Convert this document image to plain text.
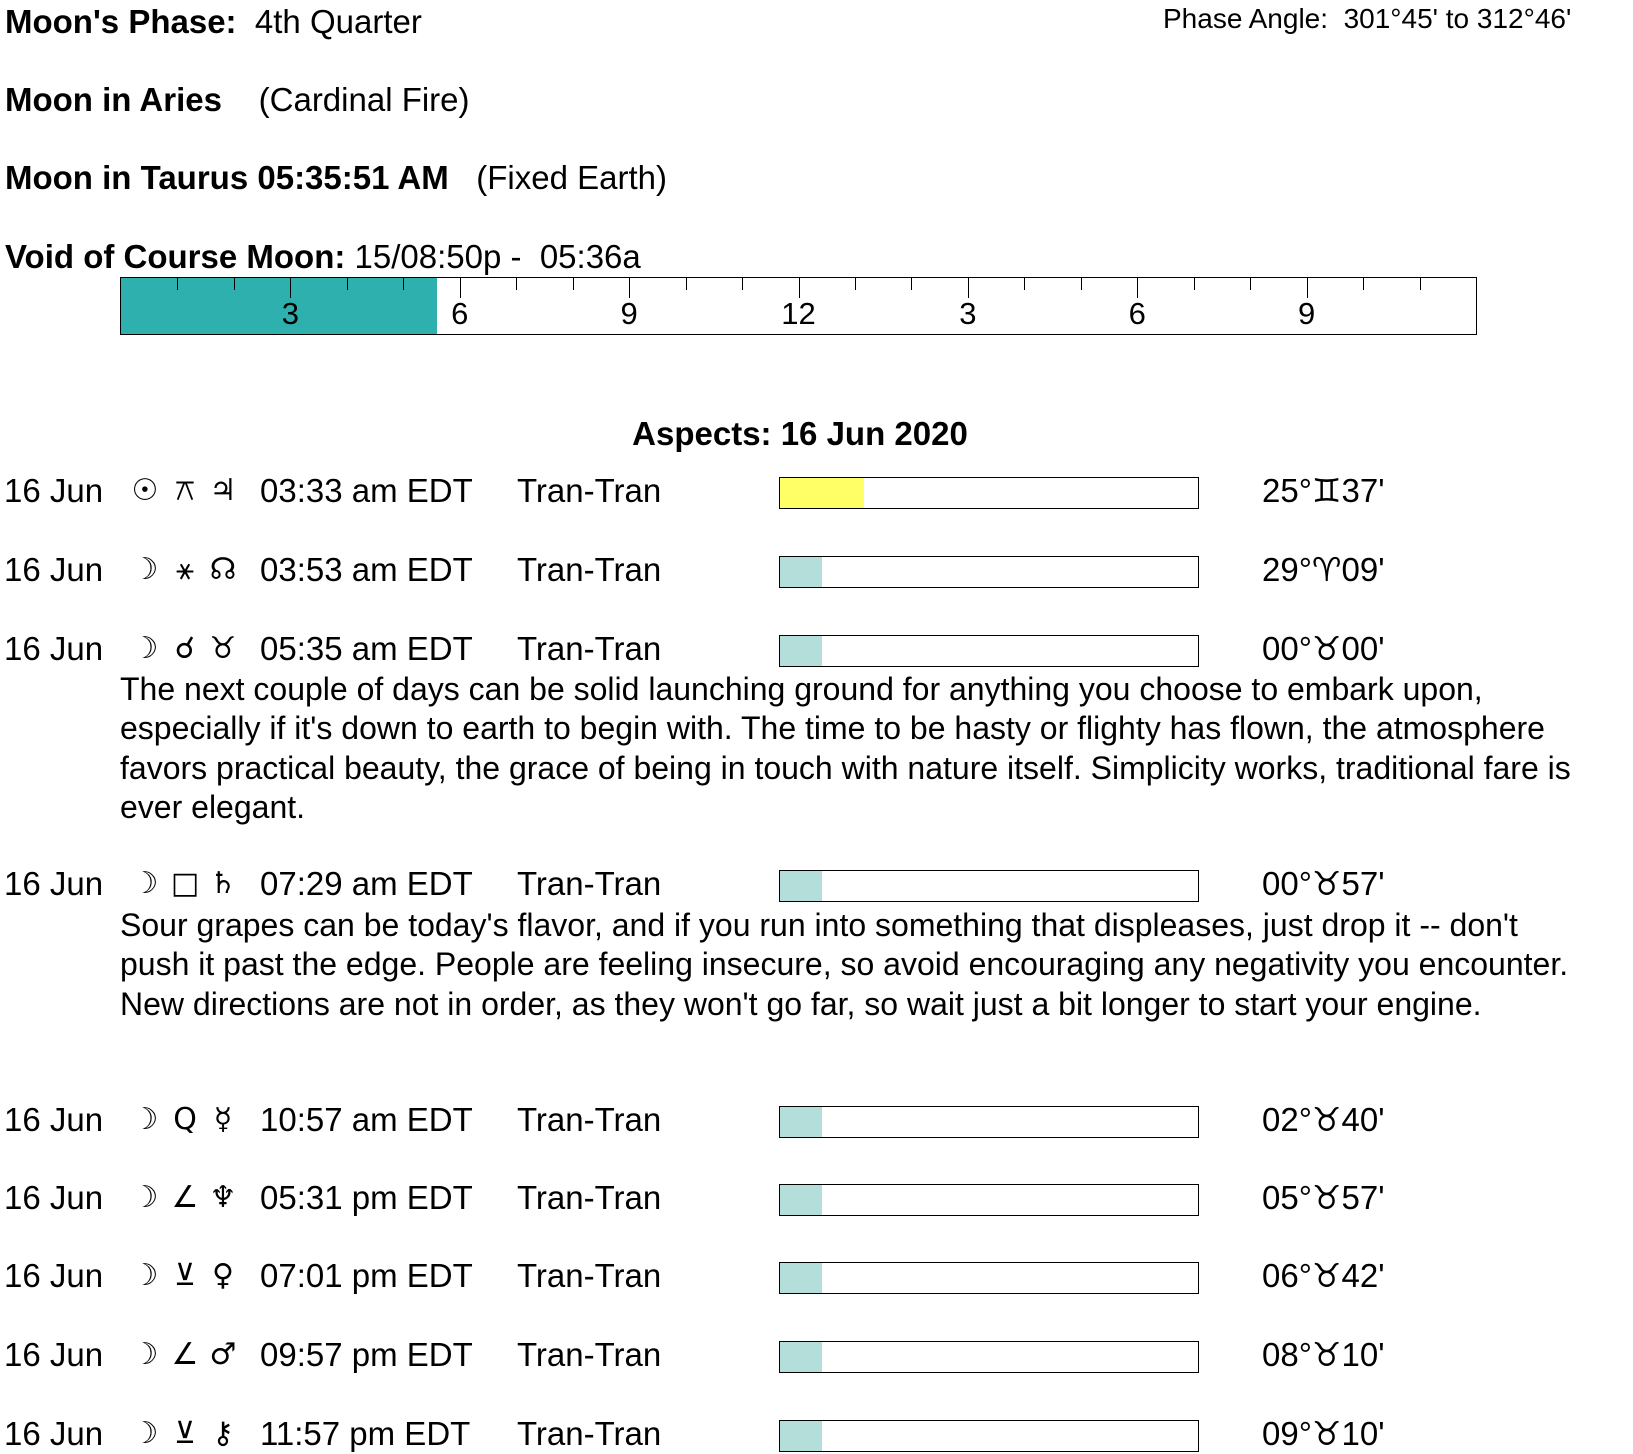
Moon's Phase: 4th Quarter	Phase Angle: 301°45' to 312°46'
Moon in Aries (Cardinal Fire)
Moon in Taurus 05:35:51 AM (Fixed Earth)
Void of Course Moon: 15/08:50p -  05:36a
3	6	9	12	3	6	9
Aspects: 16 Jun 2020
16 Jun ☉ ⚻ ♃ 03:33 am EDT Tran-Tran	25°♊37'
16 Jun ☽ ⚹ ☊ 03:53 am EDT Tran-Tran	29°♈09'
16 Jun ☽ ☌ ♉ 05:35 am EDT Tran-Tran	00°♉00'
The next couple of days can be solid launching ground for anything you choose to embark upon, especially if it's down to earth to begin with. The time to be hasty or flighty has flown, the atmosphere favors practical beauty, the grace of being in touch with nature itself. Simplicity works, traditional fare is ever elegant.
16 Jun ☽ □ ♄ 07:29 am EDT Tran-Tran	00°♉57'
Sour grapes can be today's flavor, and if you run into something that displeases, just drop it -- don't push it past the edge. People are feeling insecure, so avoid encouraging any negativity you encounter. New directions are not in order, as they won't go far, so wait just a bit longer to start your engine.
16 Jun ☽ Q ☿ 10:57 am EDT Tran-Tran	02°♉40'
16 Jun ☽ ∠ ♆ 05:31 pm EDT Tran-Tran	05°♉57'
16 Jun ☽ ⊻ ♀ 07:01 pm EDT Tran-Tran	06°♉42'
16 Jun ☽ ∠ ♂ 09:57 pm EDT Tran-Tran	08°♉10'
16 Jun ☽ ⊻ ⚷ 11:57 pm EDT Tran-Tran	09°♉10'
